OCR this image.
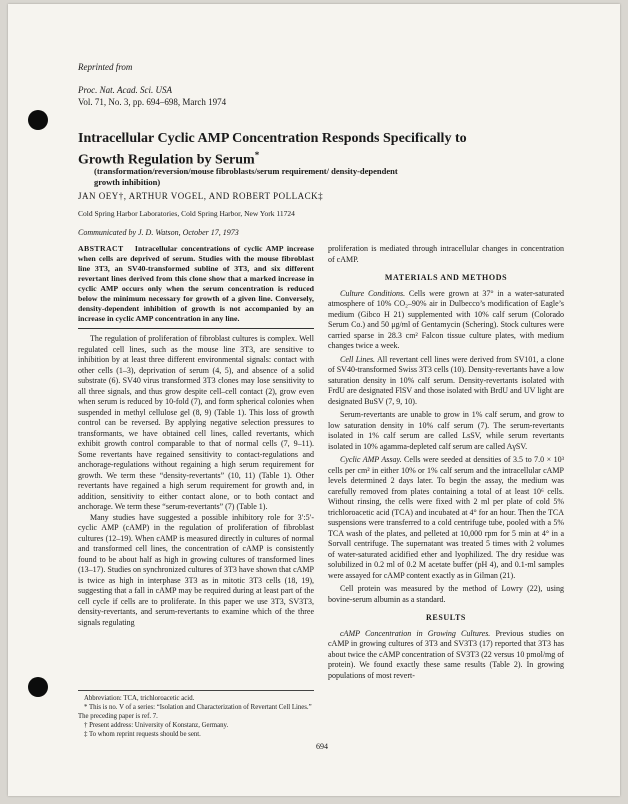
Reprinted from
Proc. Nat. Acad. Sci. USA
Vol. 71, No. 3, pp. 694–698, March 1974
Intracellular Cyclic AMP Concentration Responds Specifically to Growth Regulation by Serum*
(transformation/reversion/mouse fibroblasts/serum requirement/ density-dependent growth inhibition)
JAN OEY†, ARTHUR VOGEL, AND ROBERT POLLACK‡
Cold Spring Harbor Laboratories, Cold Spring Harbor, New York 11724
Communicated by J. D. Watson, October 17, 1973
ABSTRACT Intracellular concentrations of cyclic AMP increase when cells are deprived of serum. Studies with the mouse fibroblast line 3T3, an SV40-transformed subline of 3T3, and six different revertant lines derived from this clone show that a marked increase in cyclic AMP occurs only when the serum concentration is reduced below the minimum necessary for growth of a given line. Conversely, density-dependent inhibition of growth is not accompanied by an increase in cyclic AMP concentration in any line.

The regulation of proliferation of fibroblast cultures is complex. Well regulated cell lines, such as the mouse line 3T3, are sensitive to inhibition by at least three different environmental signals: contact with other cells (1–3), deprivation of serum (4, 5), and absence of a solid substrate (6). SV40 virus transformed 3T3 clones may lose sensitivity to all three signals, and thus grow despite cell–cell contact (2), grow even when serum is reduced by 10-fold (7), and form spherical colonies when suspended in methyl cellulose gel (8, 9) (Table 1). This loss of growth control can be reversed. By applying negative selection pressures to transformants, we have obtained cell lines, called revertants, which exhibit growth control comparable to that of normal cells (7, 9–11). Some revertants have regained sensitivity to contact-regulations and anchorage-regulations without regaining a high serum requirement for growth. We term these “density-revertants” (10, 11) (Table 1). Other revertants have regained a high serum requirement for growth and, in addition, sensitivity to either contact alone, or to both contact and anchorage. We term these “serum-revertants” (7) (Table 1).

Many studies have suggested a possible inhibitory role for 3′:5′-cyclic AMP (cAMP) in the regulation of proliferation of fibroblast cultures (12–19). When cAMP is measured directly in cultures of normal and transformed cell lines, the concentration of cAMP is consistently found to be about half as high in growing cultures of transformed lines (13–17). Studies on synchronized cultures of 3T3 have shown that cAMP is twice as high in interphase 3T3 as in mitotic 3T3 cells (18, 19), suggesting that a fall in cAMP may be required during at least part of the cell cycle if cells are to proliferate. In this paper we use 3T3, SV3T3, density-revertants, and serum-revertants to examine which of the three signals regulating

Abbreviation: TCA, trichloroacetic acid.
* This is no. V of a series: “Isolation and Characterization of Revertant Cell Lines.” The preceding paper is ref. 7.
† Present address: University of Konstanz, Germany.
‡ To whom reprint requests should be sent.

proliferation is mediated through intracellular changes in concentration of cAMP.

MATERIALS AND METHODS

Culture Conditions. Cells were grown at 37° in a water-saturated atmosphere of 10% CO₂–90% air in Dulbecco’s modification of Eagle’s medium (Gibco H 21) supplemented with 10% calf serum (Colorado Serum Co.) and 50 μg/ml of Gentamycin (Schering). Stock cultures were carried sparse in 28.3 cm² Falcon tissue culture plates, with medium changes twice a week.

Cell Lines. All revertant cell lines were derived from SV101, a clone of SV40-transformed Swiss 3T3 cells (10). Density-revertants have a low saturation density in 10% calf serum. Density-revertants isolated with FrdU are designated FlSV and those isolated with BrdU and UV light are designated BuSV (7, 9, 10).

Serum-revertants are unable to grow in 1% calf serum, and grow to low saturation density in 10% calf serum (7). The serum-revertants isolated in 1% calf serum are called LsSV, while serum revertants isolated in 10% agamma-depleted calf serum are called AγSV.

Cyclic AMP Assay. Cells were seeded at densities of 3.5 to 7.0 × 10³ cells per cm² in either 10% or 1% calf serum and the intracellular cAMP levels determined 2 days later. To begin the assay, the medium was carefully removed from plates containing a total of at least 10⁶ cells. Without rinsing, the cells were fixed with 2 ml per plate of cold 5% trichloroacetic acid (TCA) and incubated at 4° for an hour. Then the TCA suspensions were transferred to a cold centrifuge tube, pooled with a 5% TCA wash of the plates, and pelleted at 10,000 rpm for 5 min at 4° in a Sorvall centrifuge. The supernatant was treated 5 times with 2 volumes of water-saturated acidified ether and lyophilized. The dry residue was solubilized in 0.2 ml of 0.2 M acetate buffer (pH 4), and 0.1-ml samples were assayed for cAMP content exactly as in Gilman (21).

Cell protein was measured by the method of Lowry (22), using bovine-serum albumin as a standard.

RESULTS

cAMP Concentration in Growing Cultures. Previous studies on cAMP in growing cultures of 3T3 and SV3T3 (17) reported that 3T3 has about twice the cAMP concentration of SV3T3 (22 versus 10 pmol/mg of protein). We found exactly these same results (Table 2). In growing populations of most revert-

694
